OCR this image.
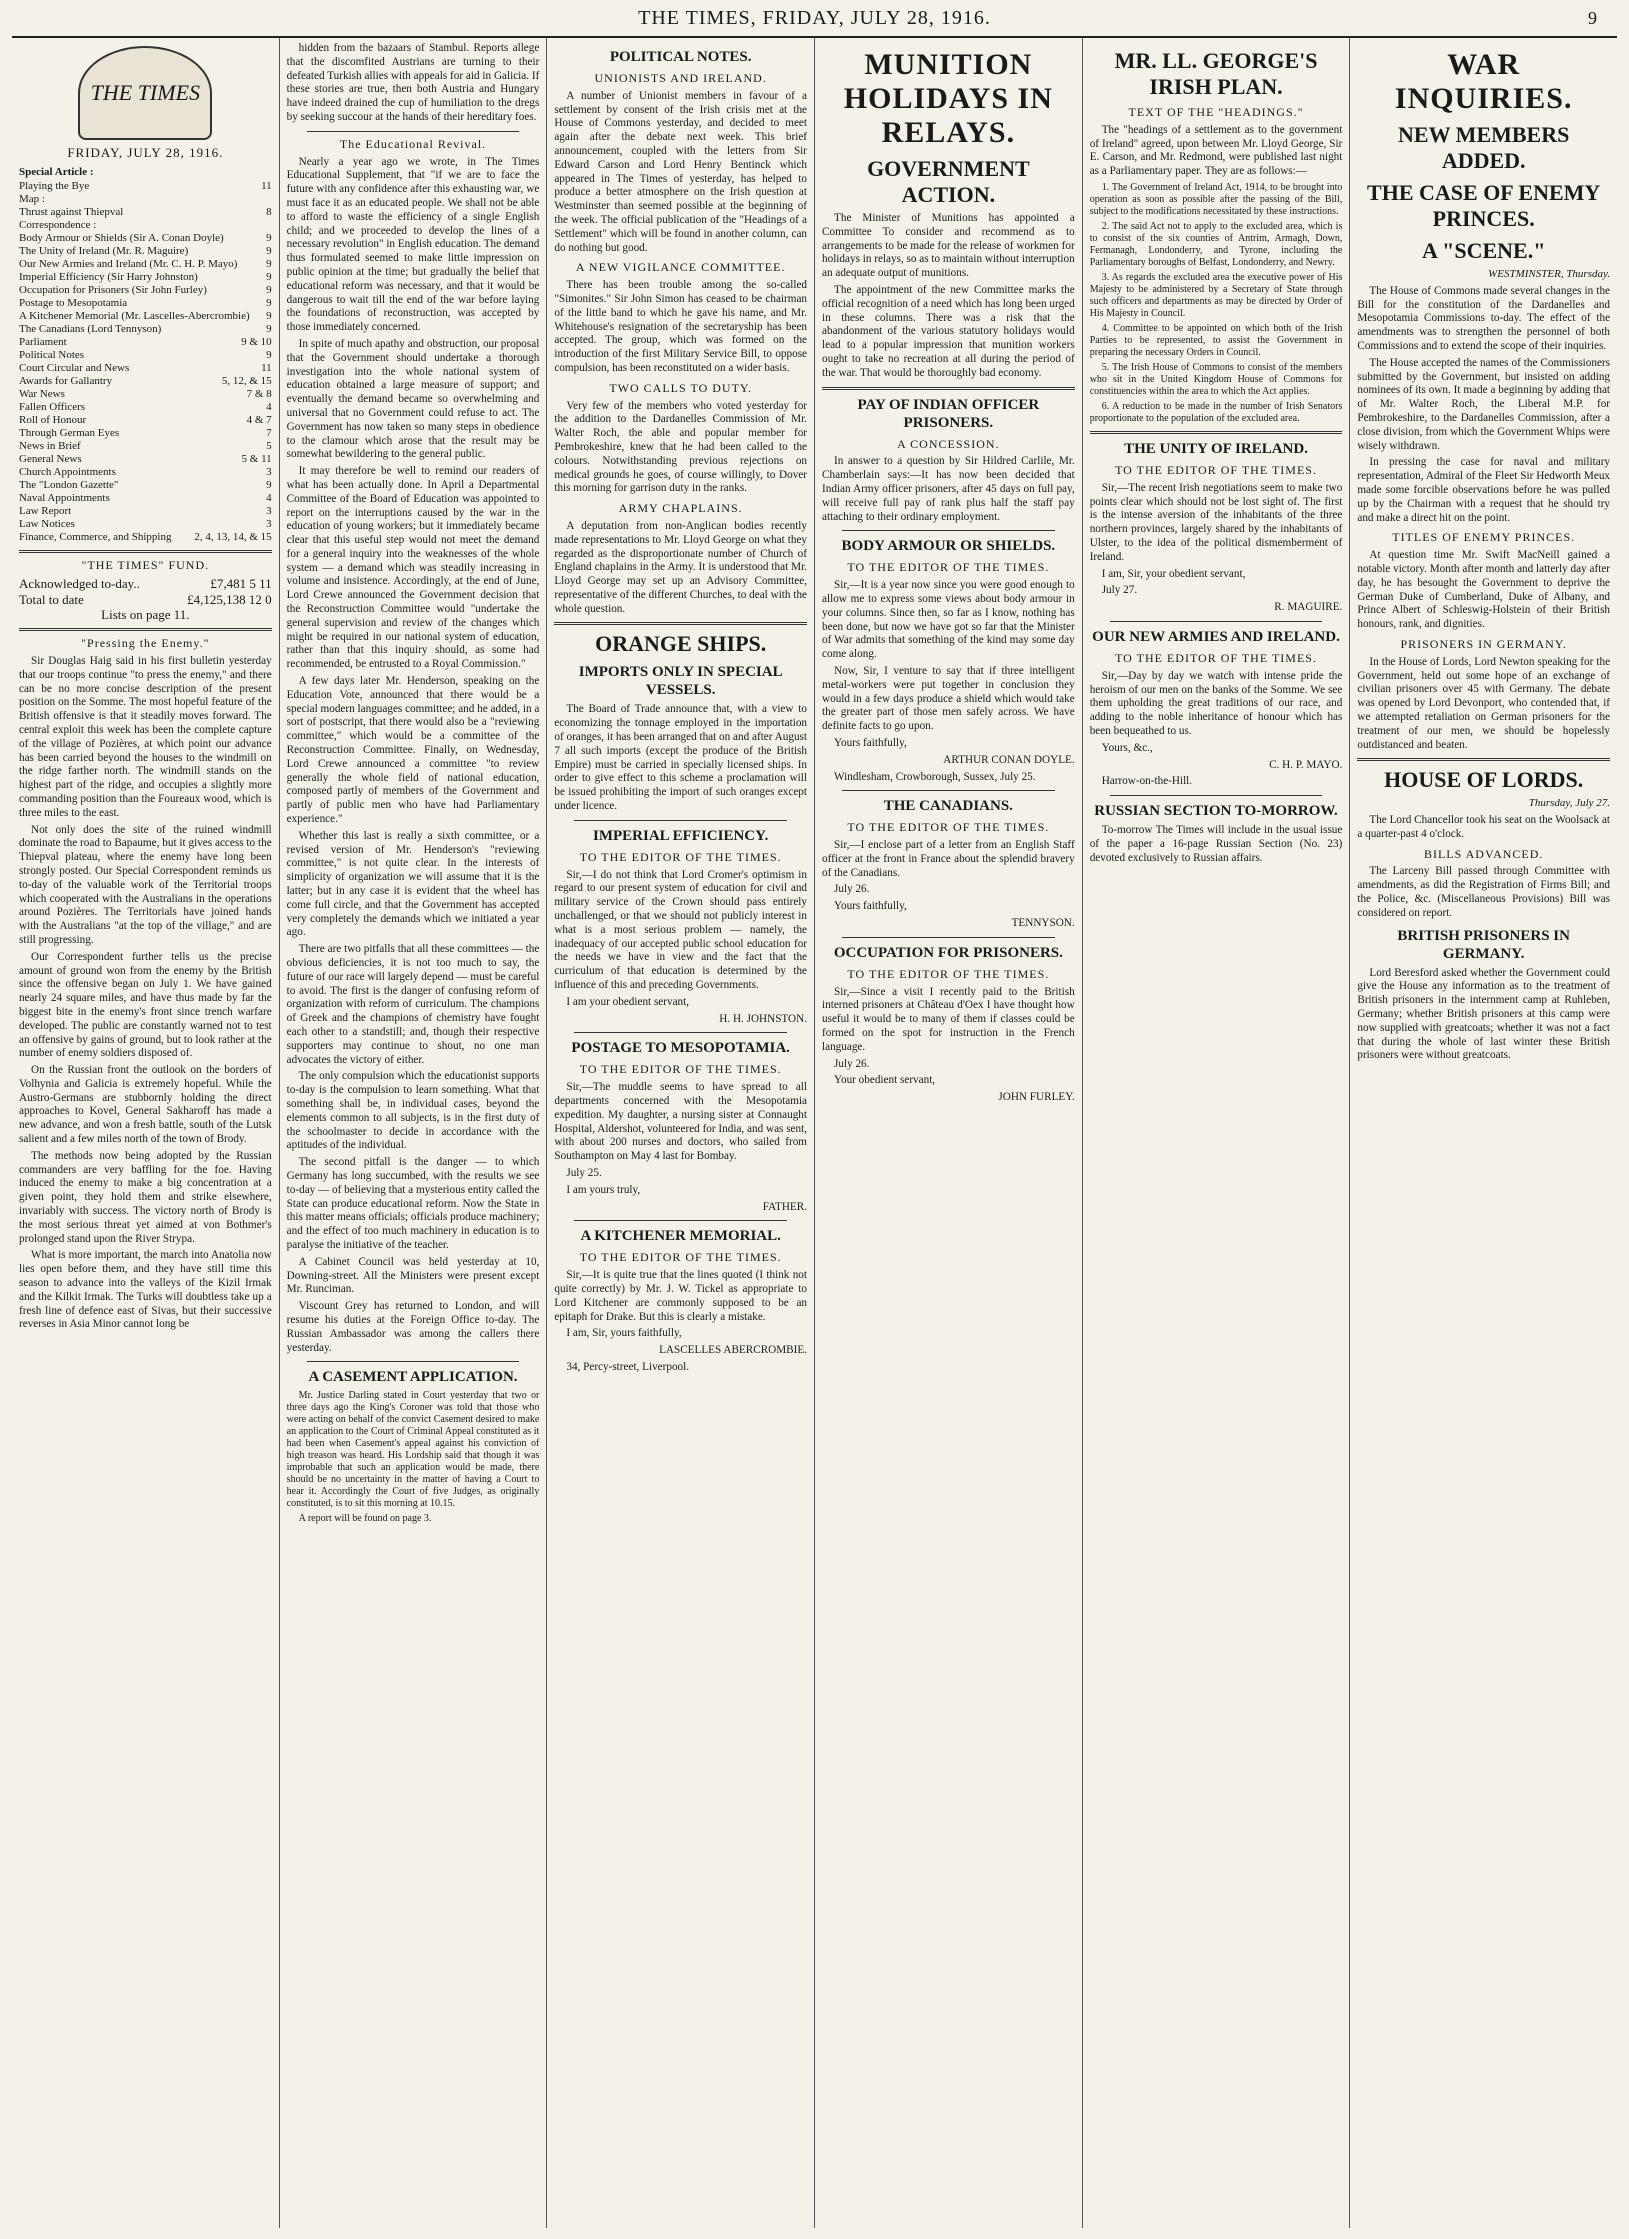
THE TIMES, FRIDAY, JULY 28, 1916.	9
THE TIMES
FRIDAY, JULY 28, 1916.
Special Article :
Playing the Bye	11
Map :
Thrust against Thiepval	8
Correspondence :
Body Armour or Shields (Sir A. Conan Doyle)	9
The Unity of Ireland (Mr. R. Maguire)	9
Our New Armies and Ireland (Mr. C. H. P. Mayo)	9
Imperial Efficiency (Sir Harry Johnston)	9
Occupation for Prisoners (Sir John Furley)	9
Postage to Mesopotamia	9
A Kitchener Memorial (Mr. Lascelles-Abercrombie)	9
The Canadians (Lord Tennyson)	9
Parliament	9 & 10
Political Notes	9
Court Circular and News	11
Awards for Gallantry	5, 12, & 15
War News	7 & 8
Fallen Officers	4
Roll of Honour	4 & 7
Through German Eyes	7
News in Brief	5
General News	5 & 11
Church Appointments	3
The "London Gazette"	9
Naval Appointments	4
Law Report	3
Law Notices	3
Finance, Commerce, and Shipping	2, 4, 13, 14, & 15
"THE TIMES" FUND.
Acknowledged to-day..	£7,481 5 11
Total to date	£4,125,138 12 0
Lists on page 11.
"Pressing the Enemy."

Sir Douglas Haig said in his first bulletin yesterday that our troops continue "to press the enemy," and there can be no more concise description of the present position on the Somme. The most hopeful feature of the British offensive is that it steadily moves forward. The central exploit this week has been the complete capture of the village of Pozières, at which point our advance has been carried beyond the houses to the windmill on the ridge farther north. The windmill stands on the highest part of the ridge, and occupies a slightly more commanding position than the Foureaux wood, which is three miles to the east.

Not only does the site of the ruined windmill dominate the road to Bapaume, but it gives access to the Thiepval plateau, where the enemy have long been strongly posted. Our Special Correspondent reminds us to-day of the valuable work of the Territorial troops which cooperated with the Australians in the operations around Pozières. The Territorials have joined hands with the Australians "at the top of the village," and are still progressing.

Our Correspondent further tells us the precise amount of ground won from the enemy by the British since the offensive began on July 1. We have gained nearly 24 square miles, and have thus made by far the biggest bite in the enemy's front since trench warfare developed. The public are constantly warned not to test an offensive by gains of ground, but to look rather at the number of enemy soldiers disposed of.

On the Russian front the outlook on the borders of Volhynia and Galicia is extremely hopeful. While the Austro-Germans are stubbornly holding the direct approaches to Kovel, General Sakharoff has made a new advance, and won a fresh battle, south of the Lutsk salient and a few miles north of the town of Brody.

The methods now being adopted by the Russian commanders are very baffling for the foe. Having induced the enemy to make a big concentration at a given point, they hold them and strike elsewhere, invariably with success. The victory north of Brody is the most serious threat yet aimed at von Bothmer's prolonged stand upon the River Strypa.

What is more important, the march into Anatolia now lies open before them, and they have still time this season to advance into the valleys of the Kizil Irmak and the Kilkit Irmak. The Turks will doubtless take up a fresh line of defence east of Sivas, but their successive reverses in Asia Minor cannot long be

hidden from the bazaars of Stambul. Reports allege that the discomfited Austrians are turning to their defeated Turkish allies with appeals for aid in Galicia. If these stories are true, then both Austria and Hungary have indeed drained the cup of humiliation to the dregs by seeking succour at the hands of their hereditary foes.

The Educational Revival.

Nearly a year ago we wrote, in The Times Educational Supplement, that "if we are to face the future with any confidence after this exhausting war, we must face it as an educated people. We shall not be able to afford to waste the efficiency of a single English child; and we proceeded to develop the lines of a necessary revolution" in English education. The demand thus formulated seemed to make little impression on public opinion at the time; but gradually the belief that educational reform was necessary, and that it would be dangerous to wait till the end of the war before laying the foundations of reconstruction, was accepted by those immediately concerned.

In spite of much apathy and obstruction, our proposal that the Government should undertake a thorough investigation into the whole national system of education obtained a large measure of support; and eventually the demand became so overwhelming and universal that no Government could refuse to act. The Government has now taken so many steps in obedience to the clamour which arose that the result may be somewhat bewildering to the general public.

It may therefore be well to remind our readers of what has been actually done. In April a Departmental Committee of the Board of Education was appointed to report on the interruptions caused by the war in the education of young workers; but it immediately became clear that this useful step would not meet the demand for a general inquiry into the weaknesses of the whole system — a demand which was steadily increasing in volume and insistence. Accordingly, at the end of June, Lord Crewe announced the Government decision that the Reconstruction Committee would "undertake the general supervision and review of the changes which might be required in our national system of education, rather than that this inquiry should, as some had recommended, be entrusted to a Royal Commission."

A few days later Mr. Henderson, speaking on the Education Vote, announced that there would be a special modern languages committee; and he added, in a sort of postscript, that there would also be a "reviewing committee," which would be a committee of the Reconstruction Committee. Finally, on Wednesday, Lord Crewe announced a committee "to review generally the whole field of national education, composed partly of members of the Government and partly of public men who have had Parliamentary experience."

Whether this last is really a sixth committee, or a revised version of Mr. Henderson's "reviewing committee," is not quite clear. In the interests of simplicity of organization we will assume that it is the latter; but in any case it is evident that the wheel has come full circle, and that the Government has accepted very completely the demands which we initiated a year ago.

There are two pitfalls that all these committees — the obvious deficiencies, it is not too much to say, the future of our race will largely depend — must be careful to avoid. The first is the danger of confusing reform of organization with reform of curriculum. The champions of Greek and the champions of chemistry have fought each other to a standstill; and, though their respective supporters may continue to shout, no one man advocates the victory of either.

The only compulsion which the educationist supports to-day is the compulsion to learn something. What that something shall be, in individual cases, beyond the elements common to all subjects, is in the first duty of the schoolmaster to decide in accordance with the aptitudes of the individual.

The second pitfall is the danger — to which Germany has long succumbed, with the results we see to-day — of believing that a mysterious entity called the State can produce educational reform. Now the State in this matter means officials; officials produce machinery; and the effect of too much machinery in education is to paralyse the initiative of the teacher.

A Cabinet Council was held yesterday at 10, Downing-street. All the Ministers were present except Mr. Runciman.

Viscount Grey has returned to London, and will resume his duties at the Foreign Office to-day. The Russian Ambassador was among the callers there yesterday.

A CASEMENT APPLICATION.

Mr. Justice Darling stated in Court yesterday that two or three days ago the King's Coroner was told that those who were acting on behalf of the convict Casement desired to make an application to the Court of Criminal Appeal constituted as it had been when Casement's appeal against his conviction of high treason was heard. His Lordship said that though it was improbable that such an application would be made, there should be no uncertainty in the matter of having a Court to hear it. Accordingly the Court of five Judges, as originally constituted, is to sit this morning at 10.15.

A report will be found on page 3.

POLITICAL NOTES.
UNIONISTS AND IRELAND.

A number of Unionist members in favour of a settlement by consent of the Irish crisis met at the House of Commons yesterday, and decided to meet again after the debate next week. This brief announcement, coupled with the letters from Sir Edward Carson and Lord Henry Bentinck which appeared in The Times of yesterday, has helped to produce a better atmosphere on the Irish question at Westminster than seemed possible at the beginning of the week. The official publication of the "Headings of a Settlement" which will be found in another column, can do nothing but good.

A NEW VIGILANCE COMMITTEE.

There has been trouble among the so-called "Simonites." Sir John Simon has ceased to be chairman of the little band to which he gave his name, and Mr. Whitehouse's resignation of the secretaryship has been accepted. The group, which was formed on the introduction of the first Military Service Bill, to oppose compulsion, has been reconstituted on a wider basis.

TWO CALLS TO DUTY.

Very few of the members who voted yesterday for the addition to the Dardanelles Commission of Mr. Walter Roch, the able and popular member for Pembrokeshire, knew that he had been called to the colours. Notwithstanding previous rejections on medical grounds he goes, of course willingly, to Dover this morning for garrison duty in the ranks.

ARMY CHAPLAINS.

A deputation from non-Anglican bodies recently made representations to Mr. Lloyd George on what they regarded as the disproportionate number of Church of England chaplains in the Army. It is understood that Mr. Lloyd George may set up an Advisory Committee, representative of the different Churches, to deal with the whole question.

ORANGE SHIPS.
IMPORTS ONLY IN SPECIAL VESSELS.

The Board of Trade announce that, with a view to economizing the tonnage employed in the importation of oranges, it has been arranged that on and after August 7 all such imports (except the produce of the British Empire) must be carried in specially licensed ships. In order to give effect to this scheme a proclamation will be issued prohibiting the import of such oranges except under licence.

IMPERIAL EFFICIENCY.
TO THE EDITOR OF THE TIMES.

Sir,—I do not think that Lord Cromer's optimism in regard to our present system of education for civil and military service of the Crown should pass entirely unchallenged, or that we should not publicly interest in what is a most serious problem — namely, the inadequacy of our accepted public school education for the needs we have in view and the fact that the curriculum of that education is determined by the influence of this and preceding Governments.

I am your obedient servant,

H. H. JOHNSTON.

POSTAGE TO MESOPOTAMIA.
TO THE EDITOR OF THE TIMES.

Sir,—The muddle seems to have spread to all departments concerned with the Mesopotamia expedition. My daughter, a nursing sister at Connaught Hospital, Aldershot, volunteered for India, and was sent, with about 200 nurses and doctors, who sailed from Southampton on May 4 last for Bombay.

July 25.

I am yours truly,

FATHER.

A KITCHENER MEMORIAL.
TO THE EDITOR OF THE TIMES.

Sir,—It is quite true that the lines quoted (I think not quite correctly) by Mr. J. W. Tickel as appropriate to Lord Kitchener are commonly supposed to be an epitaph for Drake. But this is clearly a mistake.

I am, Sir, yours faithfully,

LASCELLES ABERCROMBIE.

34, Percy-street, Liverpool.

MUNITION HOLIDAYS IN RELAYS.
GOVERNMENT ACTION.

The Minister of Munitions has appointed a Committee To consider and recommend as to arrangements to be made for the release of workmen for holidays in relays, so as to maintain without interruption an adequate output of munitions.

The appointment of the new Committee marks the official recognition of a need which has long been urged in these columns. There was a risk that the abandonment of the various statutory holidays would lead to a popular impression that munition workers ought to take no recreation at all during the period of the war. That would be thoroughly bad economy.

PAY OF INDIAN OFFICER PRISONERS.
A CONCESSION.

In answer to a question by Sir Hildred Carlile, Mr. Chamberlain says:—It has now been decided that Indian Army officer prisoners, after 45 days on full pay, will receive full pay of rank plus half the staff pay attaching to their ordinary employment.

BODY ARMOUR OR SHIELDS.
TO THE EDITOR OF THE TIMES.

Sir,—It is a year now since you were good enough to allow me to express some views about body armour in your columns. Since then, so far as I know, nothing has been done, but now we have got so far that the Minister of War admits that something of the kind may some day come along.

Now, Sir, I venture to say that if three intelligent metal-workers were put together in conclusion they would in a few days produce a shield which would take the greater part of those men safely across. We have definite facts to go upon.

Yours faithfully,

ARTHUR CONAN DOYLE.

Windlesham, Crowborough, Sussex, July 25.

THE CANADIANS.
TO THE EDITOR OF THE TIMES.

Sir,—I enclose part of a letter from an English Staff officer at the front in France about the splendid bravery of the Canadians.

July 26.

Yours faithfully,

TENNYSON.

OCCUPATION FOR PRISONERS.
TO THE EDITOR OF THE TIMES.

Sir,—Since a visit I recently paid to the British interned prisoners at Château d'Oex I have thought how useful it would be to many of them if classes could be formed on the spot for instruction in the French language.

July 26.

Your obedient servant,

JOHN FURLEY.

MR. LL. GEORGE'S IRISH PLAN.
TEXT OF THE "HEADINGS."

The "headings of a settlement as to the government of Ireland" agreed, upon between Mr. Lloyd George, Sir E. Carson, and Mr. Redmond, were published last night as a Parliamentary paper. They are as follows:—

1. The Government of Ireland Act, 1914, to be brought into operation as soon as possible after the passing of the Bill, subject to the modifications necessitated by these instructions.

2. The said Act not to apply to the excluded area, which is to consist of the six counties of Antrim, Armagh, Down, Fermanagh, Londonderry, and Tyrone, including the Parliamentary boroughs of Belfast, Londonderry, and Newry.

3. As regards the excluded area the executive power of His Majesty to be administered by a Secretary of State through such officers and departments as may be directed by Order of His Majesty in Council.

4. Committee to be appointed on which both of the Irish Parties to be represented, to assist the Government in preparing the necessary Orders in Council.

5. The Irish House of Commons to consist of the members who sit in the United Kingdom House of Commons for constituencies within the area to which the Act applies.

6. A reduction to be made in the number of Irish Senators proportionate to the population of the excluded area.

THE UNITY OF IRELAND.
TO THE EDITOR OF THE TIMES.

Sir,—The recent Irish negotiations seem to make two points clear which should not be lost sight of. The first is the intense aversion of the inhabitants of the three northern provinces, largely shared by the inhabitants of Ulster, to the idea of the political dismemberment of Ireland.

I am, Sir, your obedient servant,

July 27.

R. MAGUIRE.

OUR NEW ARMIES AND IRELAND.
TO THE EDITOR OF THE TIMES.

Sir,—Day by day we watch with intense pride the heroism of our men on the banks of the Somme. We see them upholding the great traditions of our race, and adding to the noble inheritance of honour which has been bequeathed to us.

Yours, &c.,

C. H. P. MAYO.

Harrow-on-the-Hill.

RUSSIAN SECTION TO-MORROW.

To-morrow The Times will include in the usual issue of the paper a 16-page Russian Section (No. 23) devoted exclusively to Russian affairs.

WAR INQUIRIES.
NEW MEMBERS ADDED.
THE CASE OF ENEMY PRINCES.
A "SCENE."

WESTMINSTER, Thursday.

The House of Commons made several changes in the Bill for the constitution of the Dardanelles and Mesopotamia Commissions to-day. The effect of the amendments was to strengthen the personnel of both Commissions and to extend the scope of their inquiries.

The House accepted the names of the Commissioners submitted by the Government, but insisted on adding nominees of its own. It made a beginning by adding that of Mr. Walter Roch, the Liberal M.P. for Pembrokeshire, to the Dardanelles Commission, after a close division, from which the Government Whips were wisely withdrawn.

In pressing the case for naval and military representation, Admiral of the Fleet Sir Hedworth Meux made some forcible observations before he was pulled up by the Chairman with a request that he should try and make a direct hit on the point.

TITLES OF ENEMY PRINCES.

At question time Mr. Swift MacNeill gained a notable victory. Month after month and latterly day after day, he has besought the Government to deprive the German Duke of Cumberland, Duke of Albany, and Prince Albert of Schleswig-Holstein of their British honours, rank, and dignities.

PRISONERS IN GERMANY.

In the House of Lords, Lord Newton speaking for the Government, held out some hope of an exchange of civilian prisoners over 45 with Germany. The debate was opened by Lord Devonport, who contended that, if we attempted retaliation on German prisoners for the treatment of our men, we should be hopelessly outdistanced and beaten.

HOUSE OF LORDS.

Thursday, July 27.

The Lord Chancellor took his seat on the Woolsack at a quarter-past 4 o'clock.

BILLS ADVANCED.

The Larceny Bill passed through Committee with amendments, as did the Registration of Firms Bill; and the Police, &c. (Miscellaneous Provisions) Bill was considered on report.

BRITISH PRISONERS IN GERMANY.

Lord Beresford asked whether the Government could give the House any information as to the treatment of British prisoners in the internment camp at Ruhleben, Germany; whether British prisoners at this camp were now supplied with greatcoats; whether it was not a fact that during the whole of last winter these British prisoners were without greatcoats.
